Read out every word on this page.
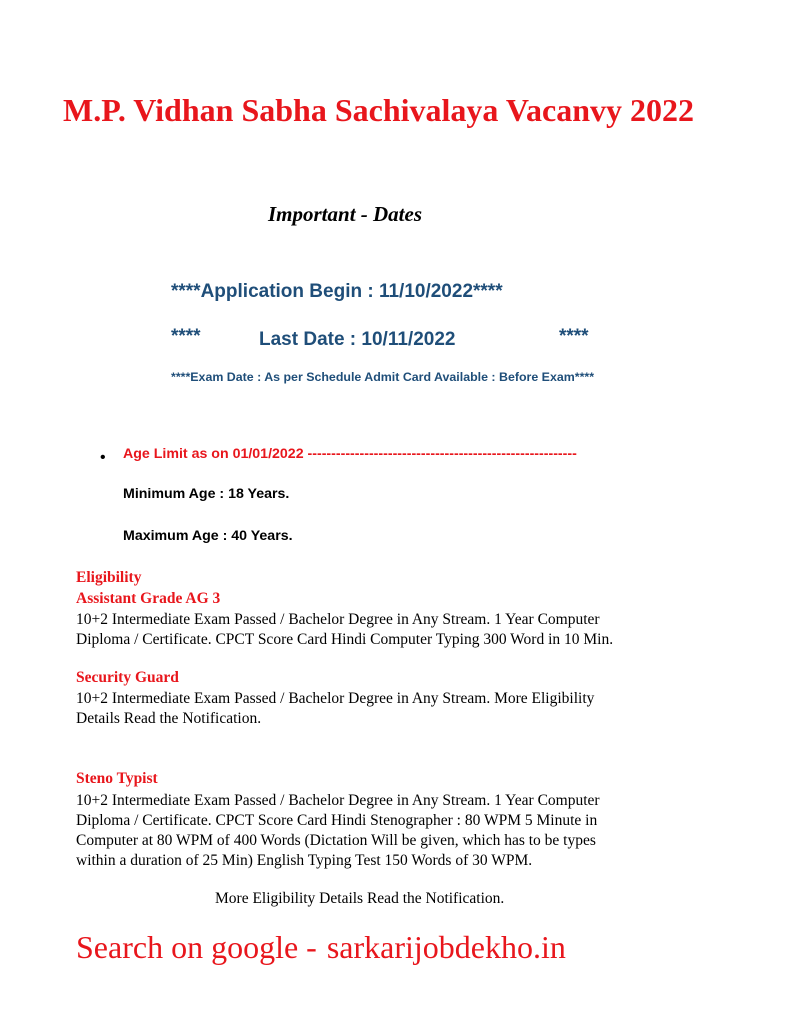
M.P. Vidhan Sabha Sachivalaya Vacanvy 2022
Important - Dates
****Application Begin : 11/10/2022****
****	Last Date : 10/11/2022	****
****Exam Date : As per Schedule Admit Card Available : Before Exam****
• Age Limit as on 01/01/2022 ---------------------------------------------------------
Minimum Age : 18 Years.
Maximum Age : 40 Years.
Eligibility
Assistant Grade AG 3
10+2 Intermediate Exam Passed / Bachelor Degree in Any Stream. 1 Year Computer
Diploma / Certificate. CPCT Score Card Hindi Computer Typing 300 Word in 10 Min.
Security Guard
10+2 Intermediate Exam Passed / Bachelor Degree in Any Stream. More Eligibility
Details Read the Notification.
Steno Typist
10+2 Intermediate Exam Passed / Bachelor Degree in Any Stream. 1 Year Computer
Diploma / Certificate. CPCT Score Card Hindi Stenographer : 80 WPM 5 Minute in
Computer at 80 WPM of 400 Words (Dictation Will be given, which has to be types
within a duration of 25 Min) English Typing Test 150 Words of 30 WPM.
More Eligibility Details Read the Notification.
Search on google - sarkarijobdekho.in
